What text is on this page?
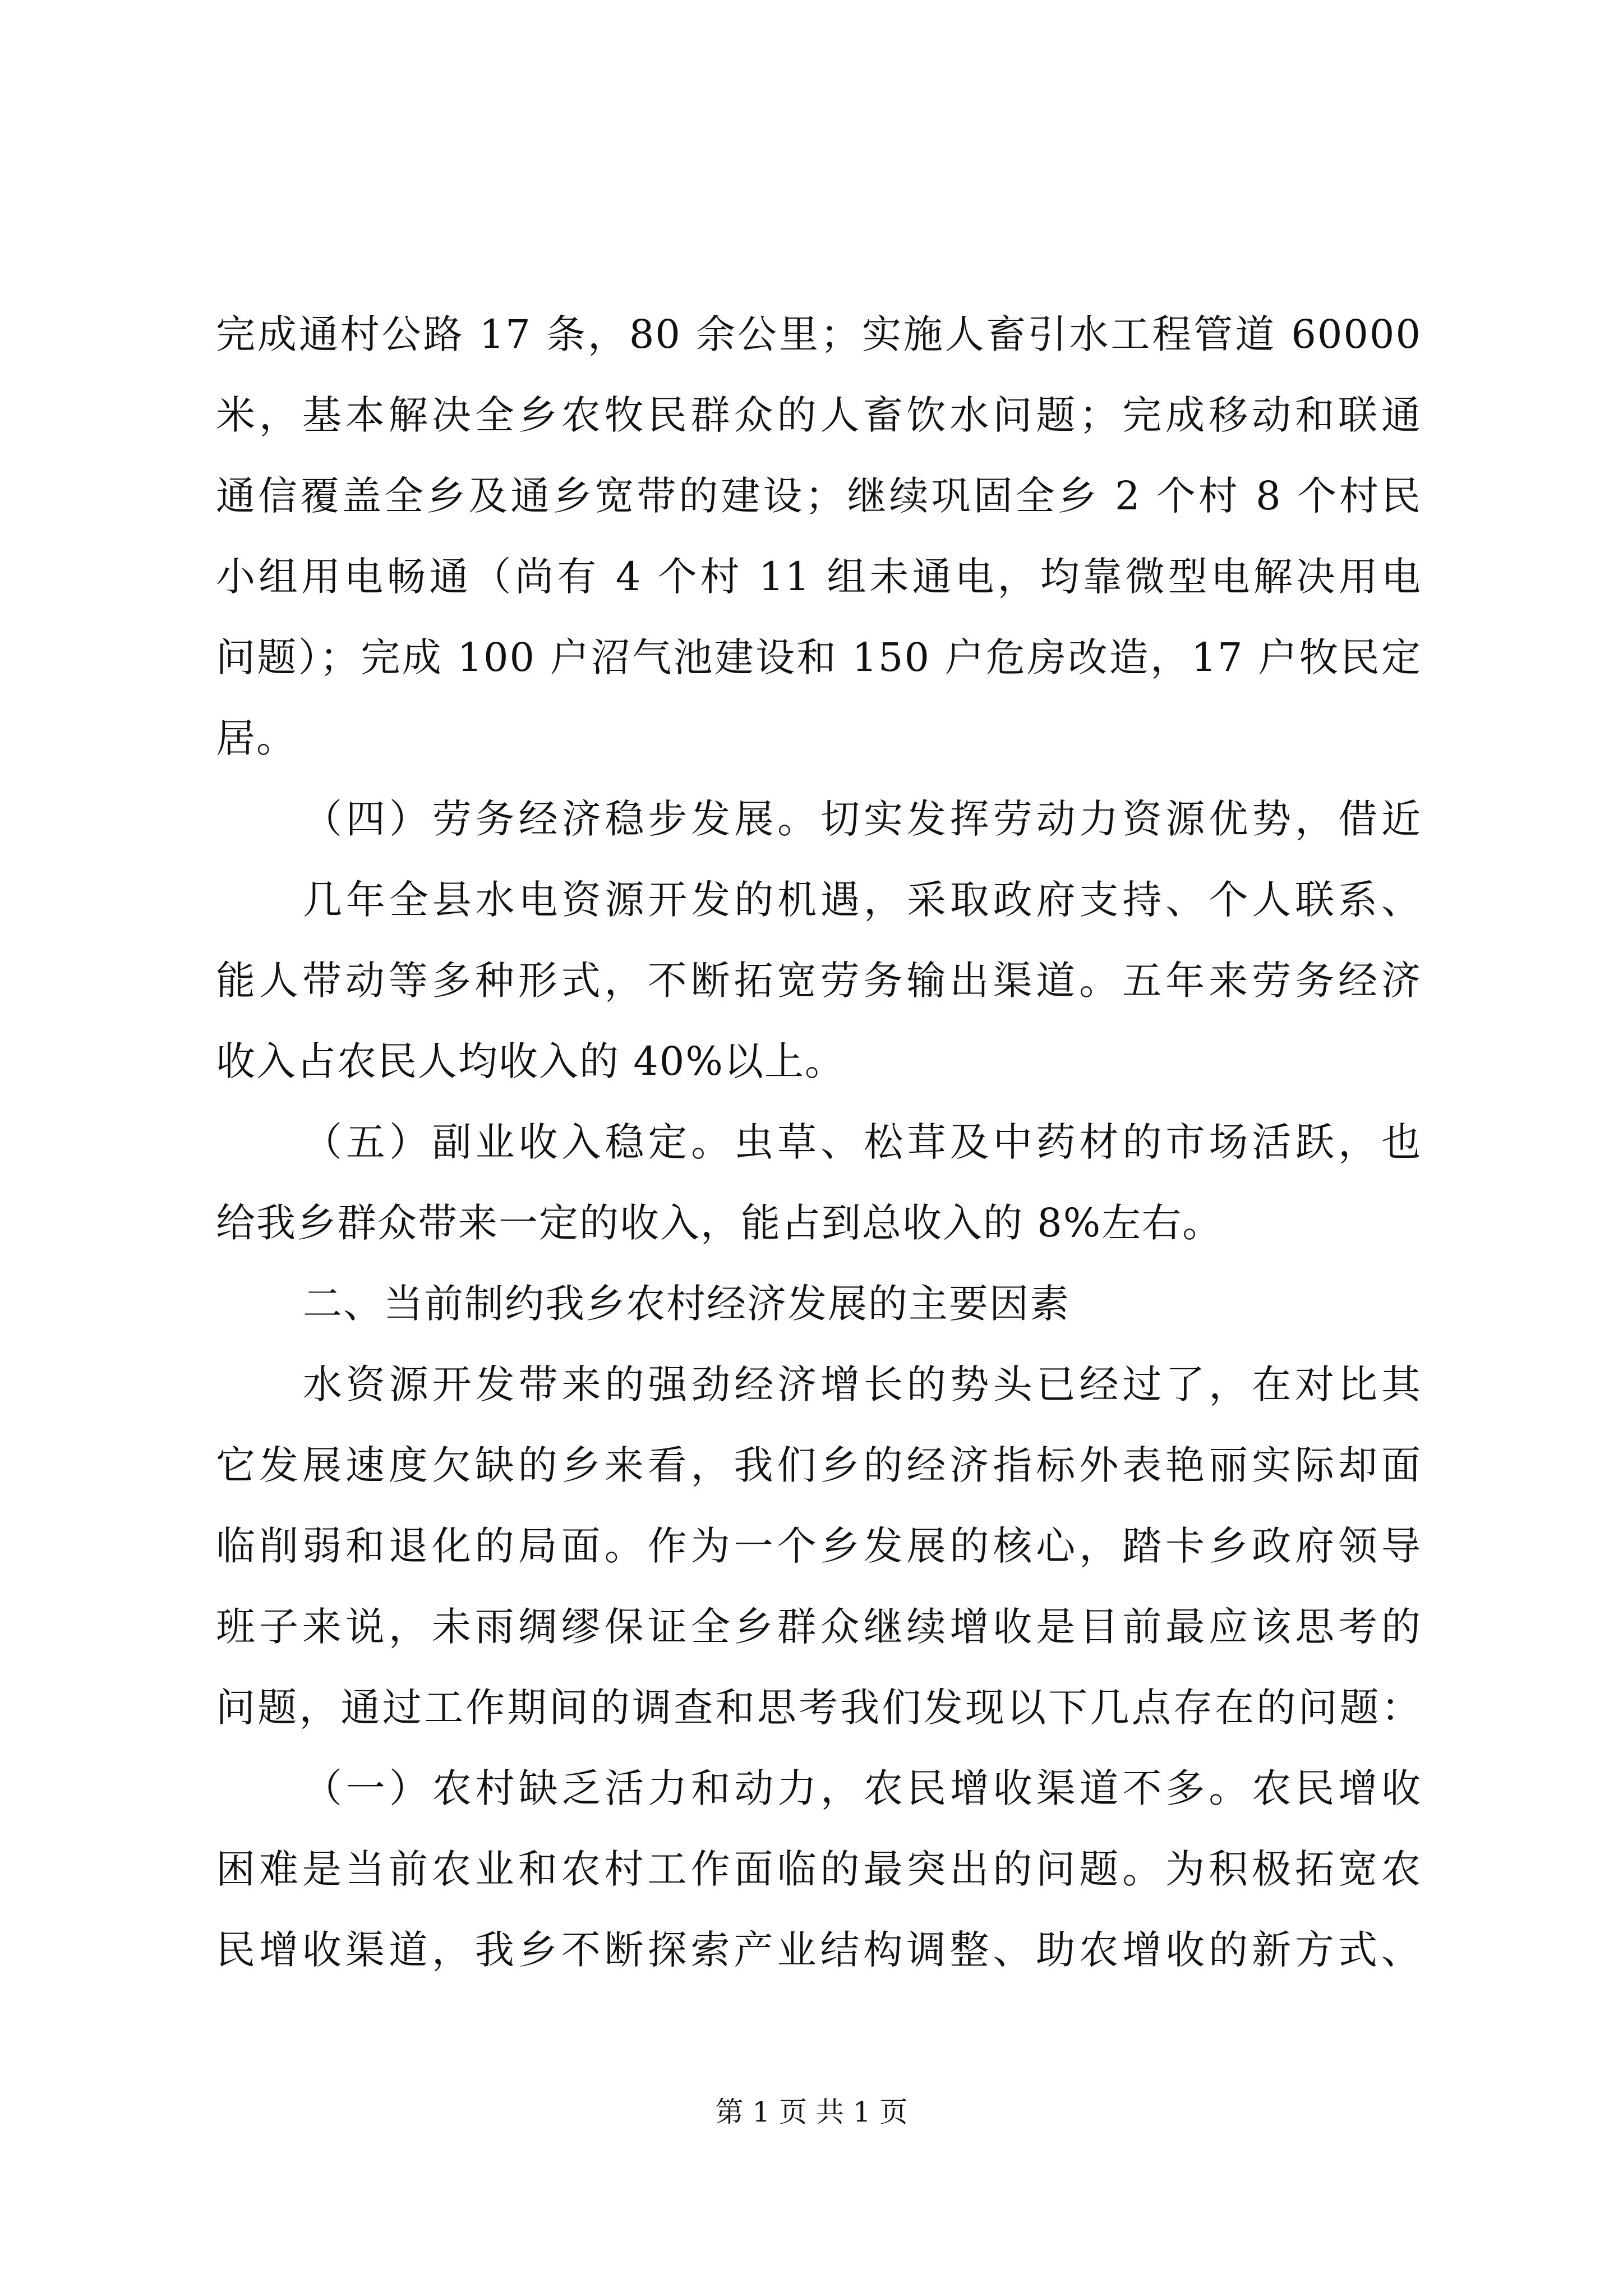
完成通村公路 17 条，80 余公里；实施人畜引水工程管道 60000
米，基本解决全乡农牧民群众的人畜饮水问题；完成移动和联通
通信覆盖全乡及通乡宽带的建设；继续巩固全乡 2 个村 8 个村民
小组用电畅通（尚有 4 个村 11 组未通电，均靠微型电解决用电
问题）；完成 100 户沼气池建设和 150 户危房改造，17 户牧民定
居。
（四）劳务经济稳步发展。切实发挥劳动力资源优势，借近
几年全县水电资源开发的机遇，采取政府支持、个人联系、
能人带动等多种形式，不断拓宽劳务输出渠道。五年来劳务经济
收入占农民人均收入的 40%以上。
（五）副业收入稳定。虫草、松茸及中药材的市场活跃，也
给我乡群众带来一定的收入，能占到总收入的 8%左右。
二、当前制约我乡农村经济发展的主要因素
水资源开发带来的强劲经济增长的势头已经过了，在对比其
它发展速度欠缺的乡来看，我们乡的经济指标外表艳丽实际却面
临削弱和退化的局面。作为一个乡发展的核心，踏卡乡政府领导
班子来说，未雨绸缪保证全乡群众继续增收是目前最应该思考的
问题，通过工作期间的调查和思考我们发现以下几点存在的问题：
（一）农村缺乏活力和动力，农民增收渠道不多。农民增收
困难是当前农业和农村工作面临的最突出的问题。为积极拓宽农
民增收渠道，我乡不断探索产业结构调整、助农增收的新方式、
第 1 页 共 1 页
